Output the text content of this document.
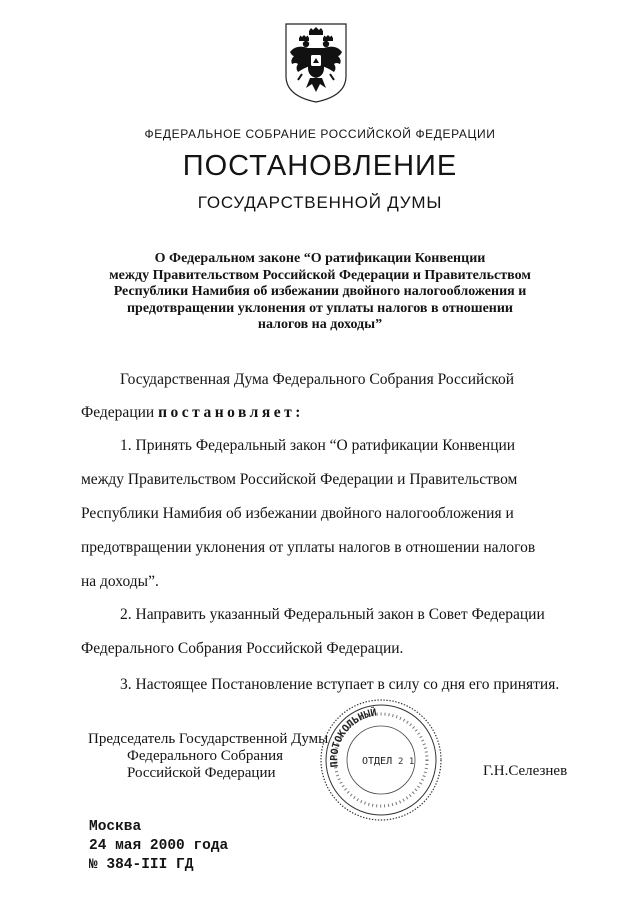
ФЕДЕРАЛЬНОЕ СОБРАНИЕ РОССИЙСКОЙ ФЕДЕРАЦИИ
ПОСТАНОВЛЕНИЕ
ГОСУДАРСТВЕННОЙ ДУМЫ
О Федеральном законе “О ратификации Конвенции
между Правительством Российской Федерации и Правительством
Республики Намибия об избежании двойного налогообложения и
предотвращении уклонения от уплаты налогов в отношении
налогов на доходы”
Государственная Дума Федерального Собрания Российской
Федерации постановляет:
1. Принять Федеральный закон “О ратификации Конвенции
между Правительством Российской Федерации и Правительством
Республики Намибия об избежании двойного налогообложения и
предотвращении уклонения от уплаты налогов в отношении налогов
на доходы”.
2. Направить указанный Федеральный закон в Совет Федерации
Федерального Собрания Российской Федерации.
3. Настоящее Постановление вступает в силу со дня его принятия.
Председатель Государственной Думы
Федерального Собрания
Российской Федерации	Г.Н.Селезнев
ПРОТОКОЛЬНЫЙ
ОТДЕЛ 2 1
Москва
24 мая 2000 года
№ 384-III ГД
